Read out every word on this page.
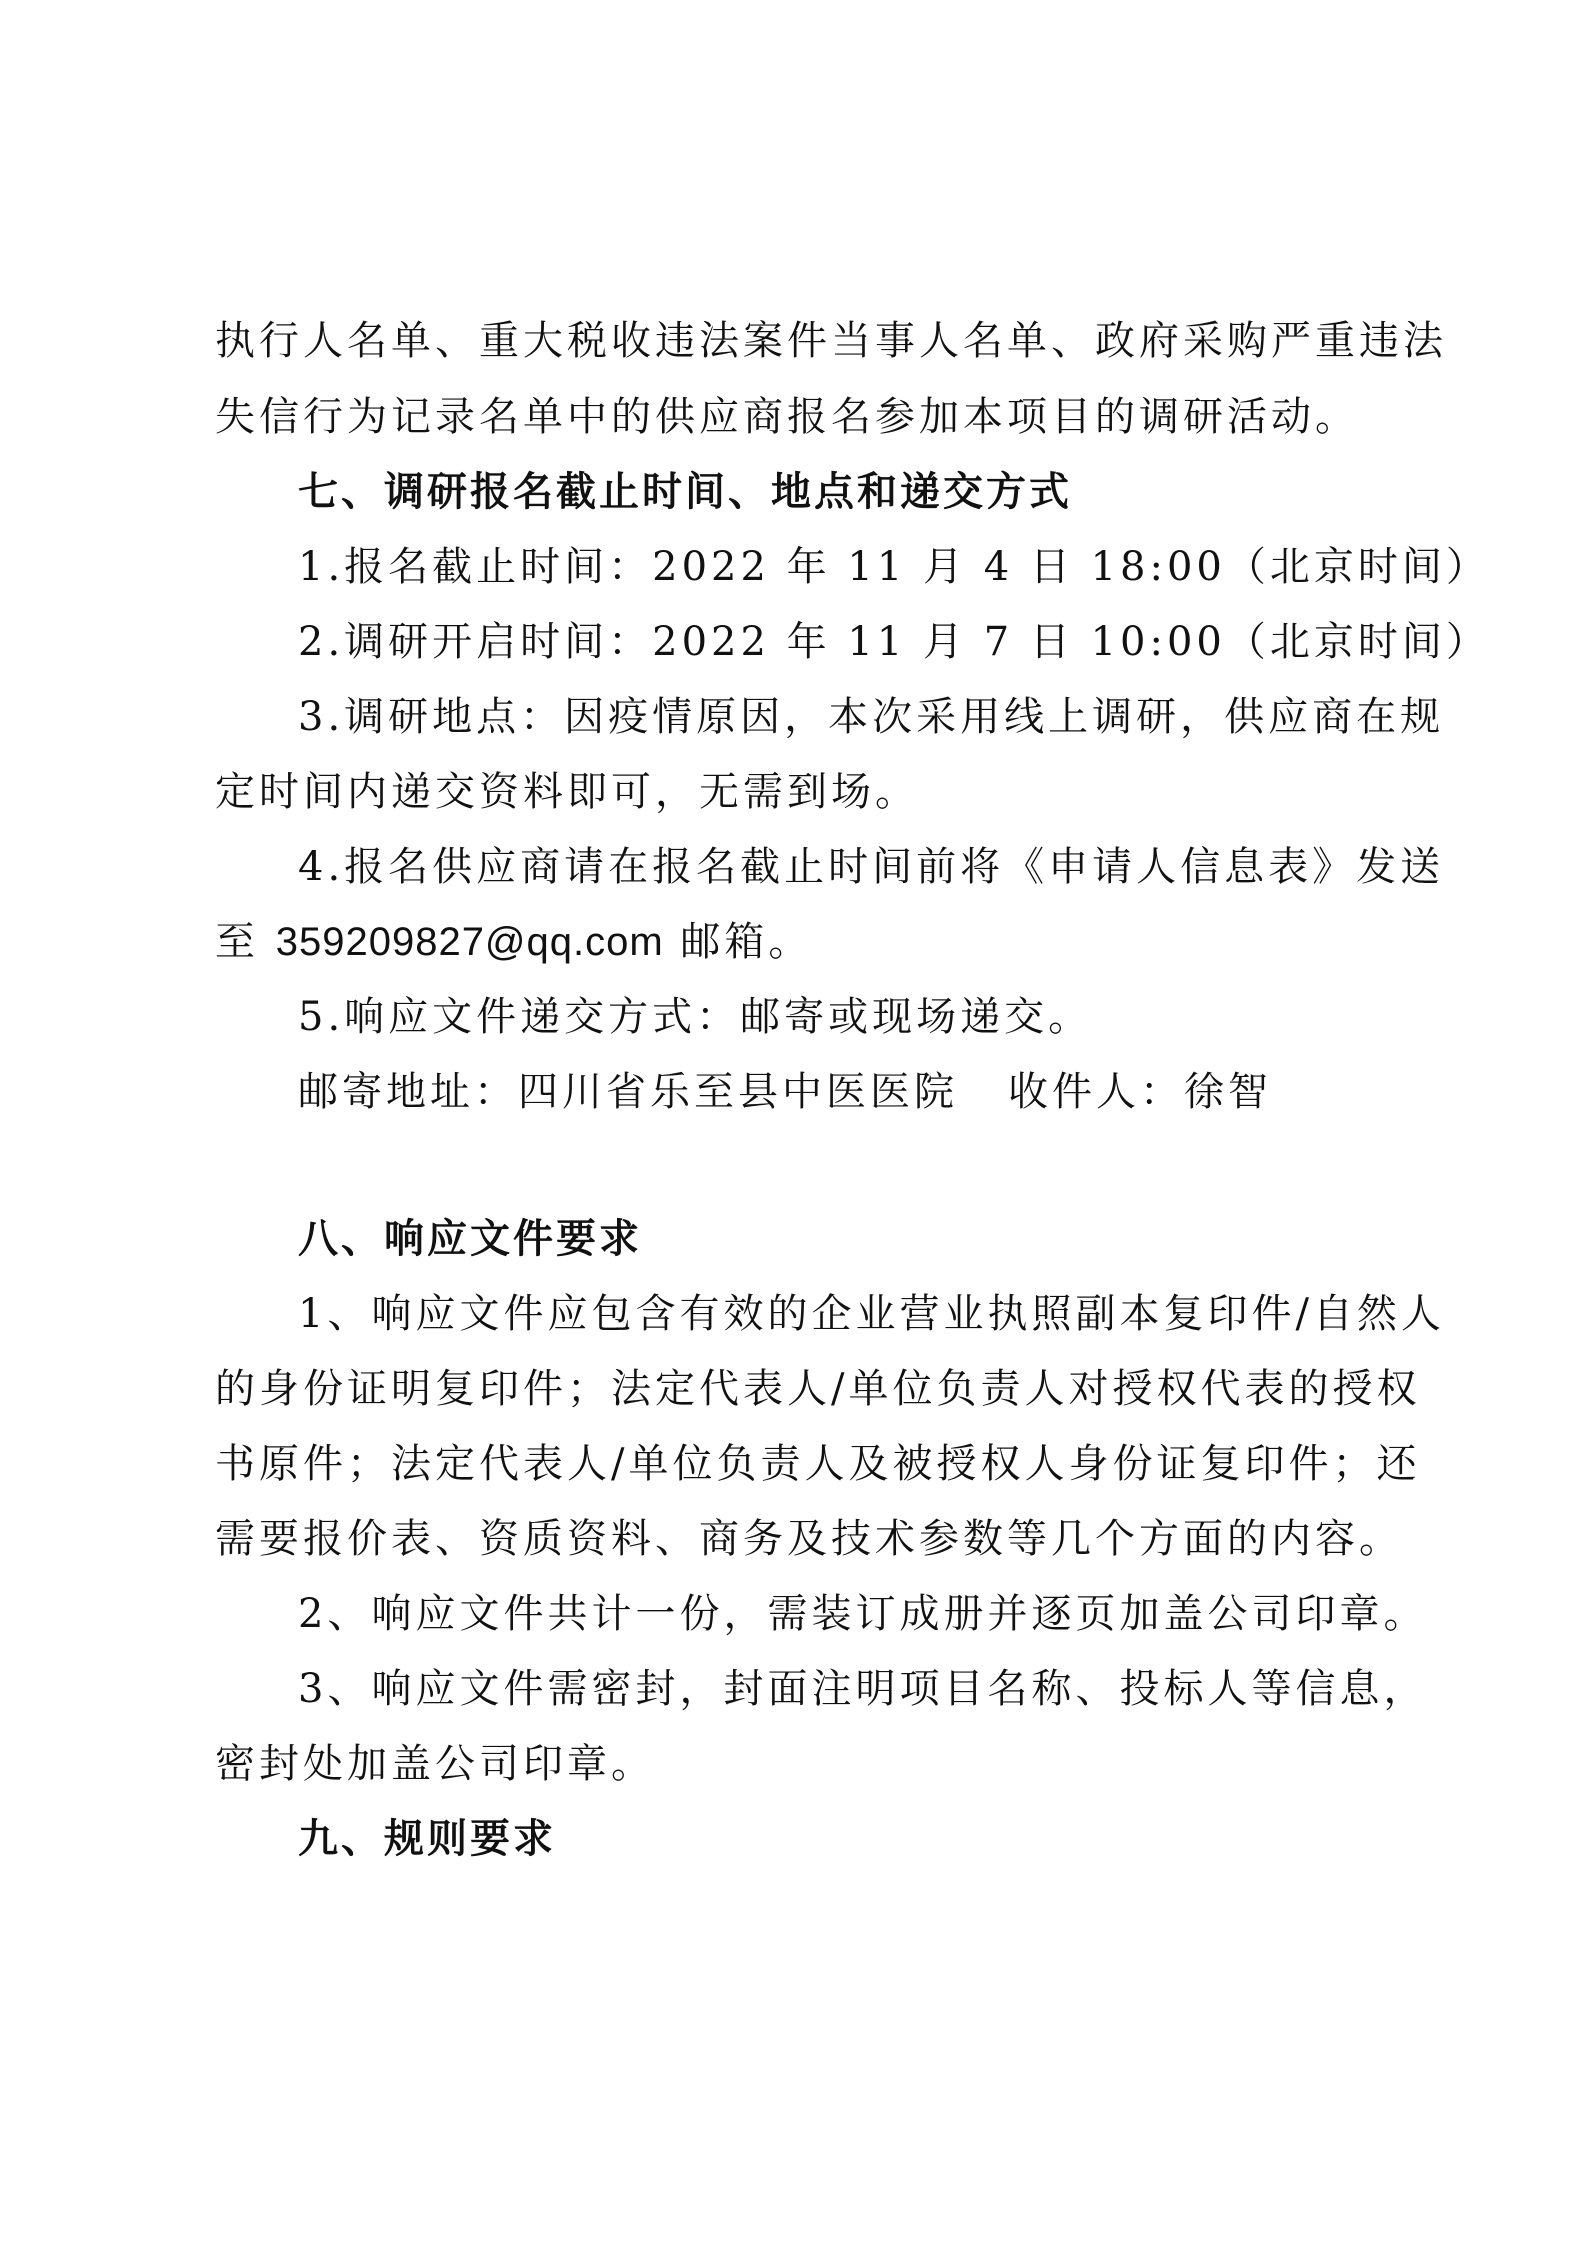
执行人名单、重大税收违法案件当事人名单、政府采购严重违法
失信行为记录名单中的供应商报名参加本项目的调研活动。
七、调研报名截止时间、地点和递交方式
1.报名截止时间：2022 年 11 月 4 日 18:00（北京时间）
2.调研开启时间：2022 年 11 月 7 日 10:00（北京时间）
3.调研地点：因疫情原因，本次采用线上调研，供应商在规
定时间内递交资料即可，无需到场。
4.报名供应商请在报名截止时间前将《申请人信息表》发送
至 359209827@qq.com 邮箱。
5.响应文件递交方式：邮寄或现场递交。
邮寄地址：四川省乐至县中医医院 收件人：徐智
八、响应文件要求
1、响应文件应包含有效的企业营业执照副本复印件/自然人
的身份证明复印件；法定代表人/单位负责人对授权代表的授权
书原件；法定代表人/单位负责人及被授权人身份证复印件；还
需要报价表、资质资料、商务及技术参数等几个方面的内容。
2、响应文件共计一份，需装订成册并逐页加盖公司印章。
3、响应文件需密封，封面注明项目名称、投标人等信息，
密封处加盖公司印章。
九、规则要求
